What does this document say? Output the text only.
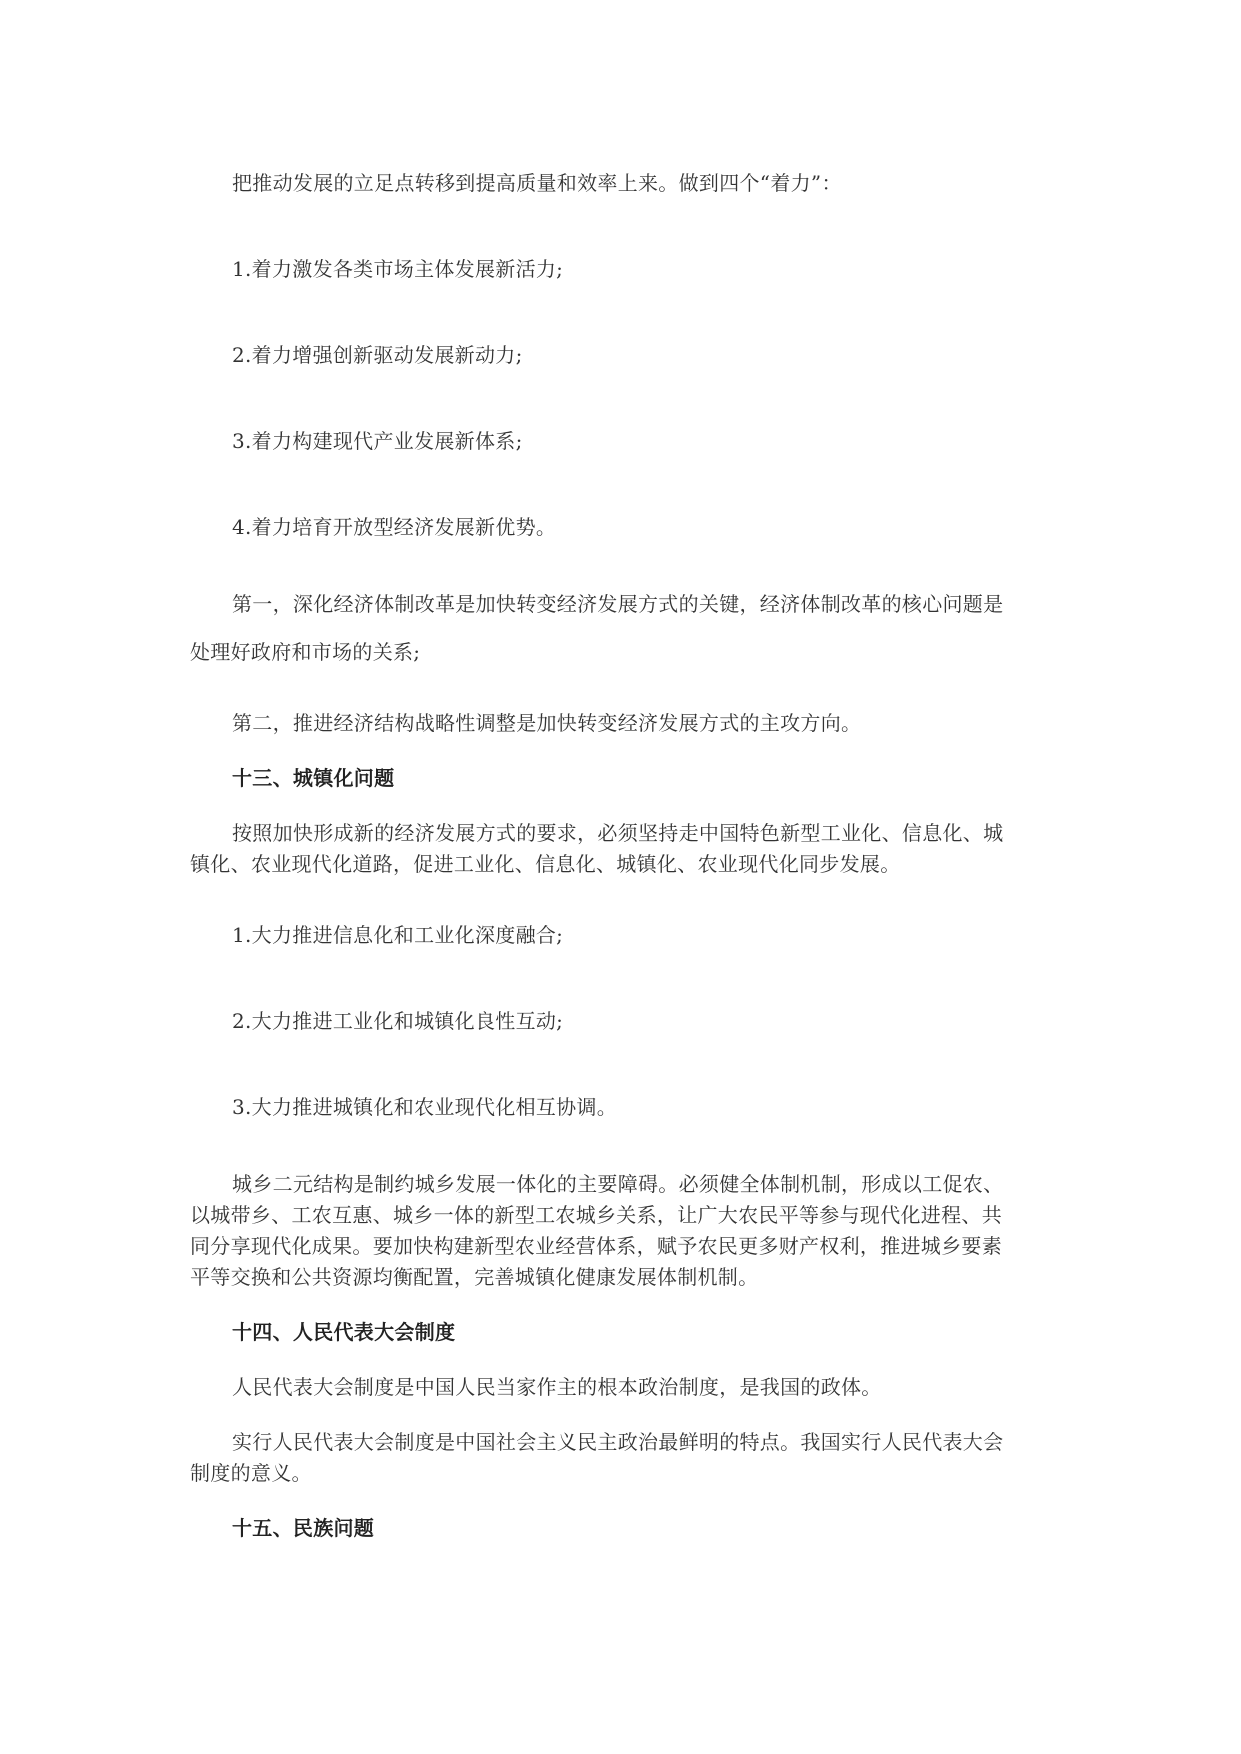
把推动发展的立足点转移到提高质量和效率上来。做到四个“着力”：
1.着力激发各类市场主体发展新活力;
2.着力增强创新驱动发展新动力;
3.着力构建现代产业发展新体系;
4.着力培育开放型经济发展新优势。
第一，深化经济体制改革是加快转变经济发展方式的关键，经济体制改革的核心问题是
处理好政府和市场的关系;
第二，推进经济结构战略性调整是加快转变经济发展方式的主攻方向。
十三、城镇化问题
按照加快形成新的经济发展方式的要求，必须坚持走中国特色新型工业化、信息化、城
镇化、农业现代化道路，促进工业化、信息化、城镇化、农业现代化同步发展。
1.大力推进信息化和工业化深度融合;
2.大力推进工业化和城镇化良性互动;
3.大力推进城镇化和农业现代化相互协调。
城乡二元结构是制约城乡发展一体化的主要障碍。必须健全体制机制，形成以工促农、
以城带乡、工农互惠、城乡一体的新型工农城乡关系，让广大农民平等参与现代化进程、共
同分享现代化成果。要加快构建新型农业经营体系，赋予农民更多财产权利，推进城乡要素
平等交换和公共资源均衡配置，完善城镇化健康发展体制机制。
十四、人民代表大会制度
人民代表大会制度是中国人民当家作主的根本政治制度，是我国的政体。
实行人民代表大会制度是中国社会主义民主政治最鲜明的特点。我国实行人民代表大会
制度的意义。
十五、民族问题
